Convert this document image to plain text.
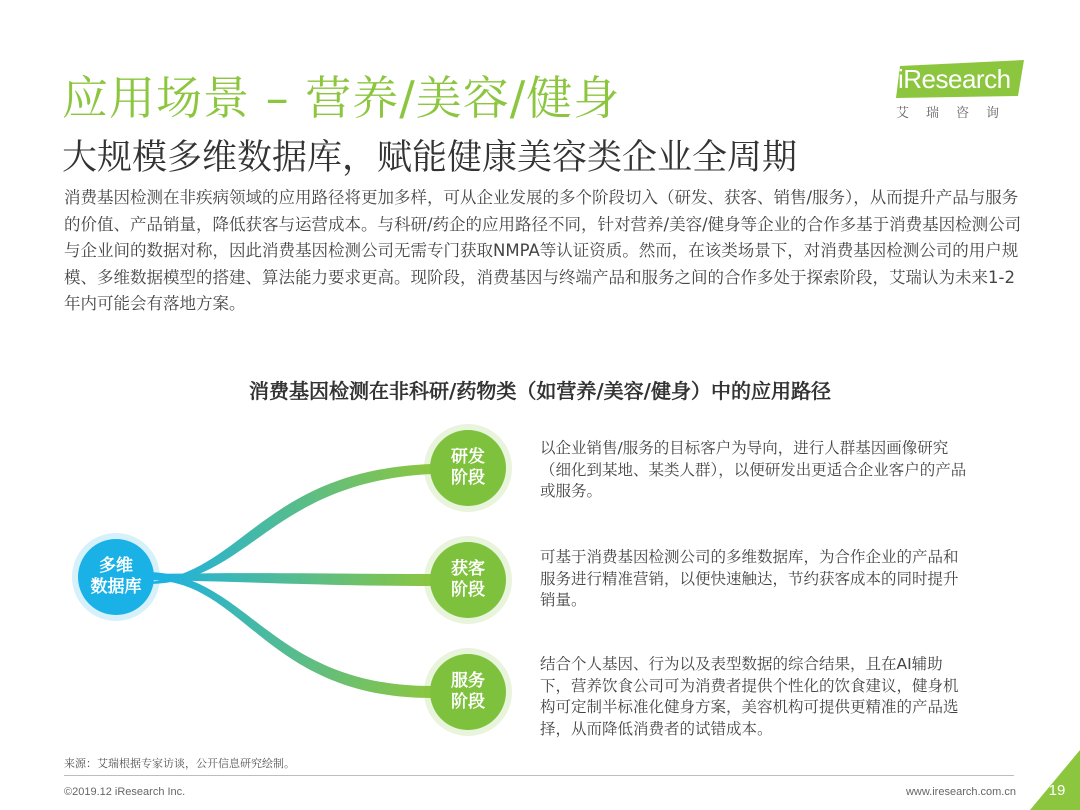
应用场景 – 营养/美容/健身
大规模多维数据库，赋能健康美容类企业全周期
iResearch
艾瑞咨询
消费基因检测在非疾病领域的应用路径将更加多样，可从企业发展的多个阶段切入（研发、获客、销售/服务），从而提升产品与服务的价值、产品销量，降低获客与运营成本。与科研/药企的应用路径不同，针对营养/美容/健身等企业的合作多基于消费基因检测公司与企业间的数据对称，因此消费基因检测公司无需专门获取NMPA等认证资质。然而，在该类场景下，对消费基因检测公司的用户规模、多维数据模型的搭建、算法能力要求更高。现阶段，消费基因与终端产品和服务之间的合作多处于探索阶段，艾瑞认为未来1-2年内可能会有落地方案。
消费基因检测在非科研/药物类（如营养/美容/健身）中的应用路径
多维
数据库
研发
阶段
获客
阶段
服务
阶段
以企业销售/服务的目标客户为导向，进行人群基因画像研究（细化到某地、某类人群），以便研发出更适合企业客户的产品或服务。
可基于消费基因检测公司的多维数据库，为合作企业的产品和服务进行精准营销，以便快速触达，节约获客成本的同时提升销量。
结合个人基因、行为以及表型数据的综合结果，且在AI辅助下，营养饮食公司可为消费者提供个性化的饮食建议，健身机构可定制半标准化健身方案，美容机构可提供更精准的产品选择，从而降低消费者的试错成本。
来源：艾瑞根据专家访谈，公开信息研究绘制。
©2019.12 iResearch Inc.	www.iresearch.com.cn	19
